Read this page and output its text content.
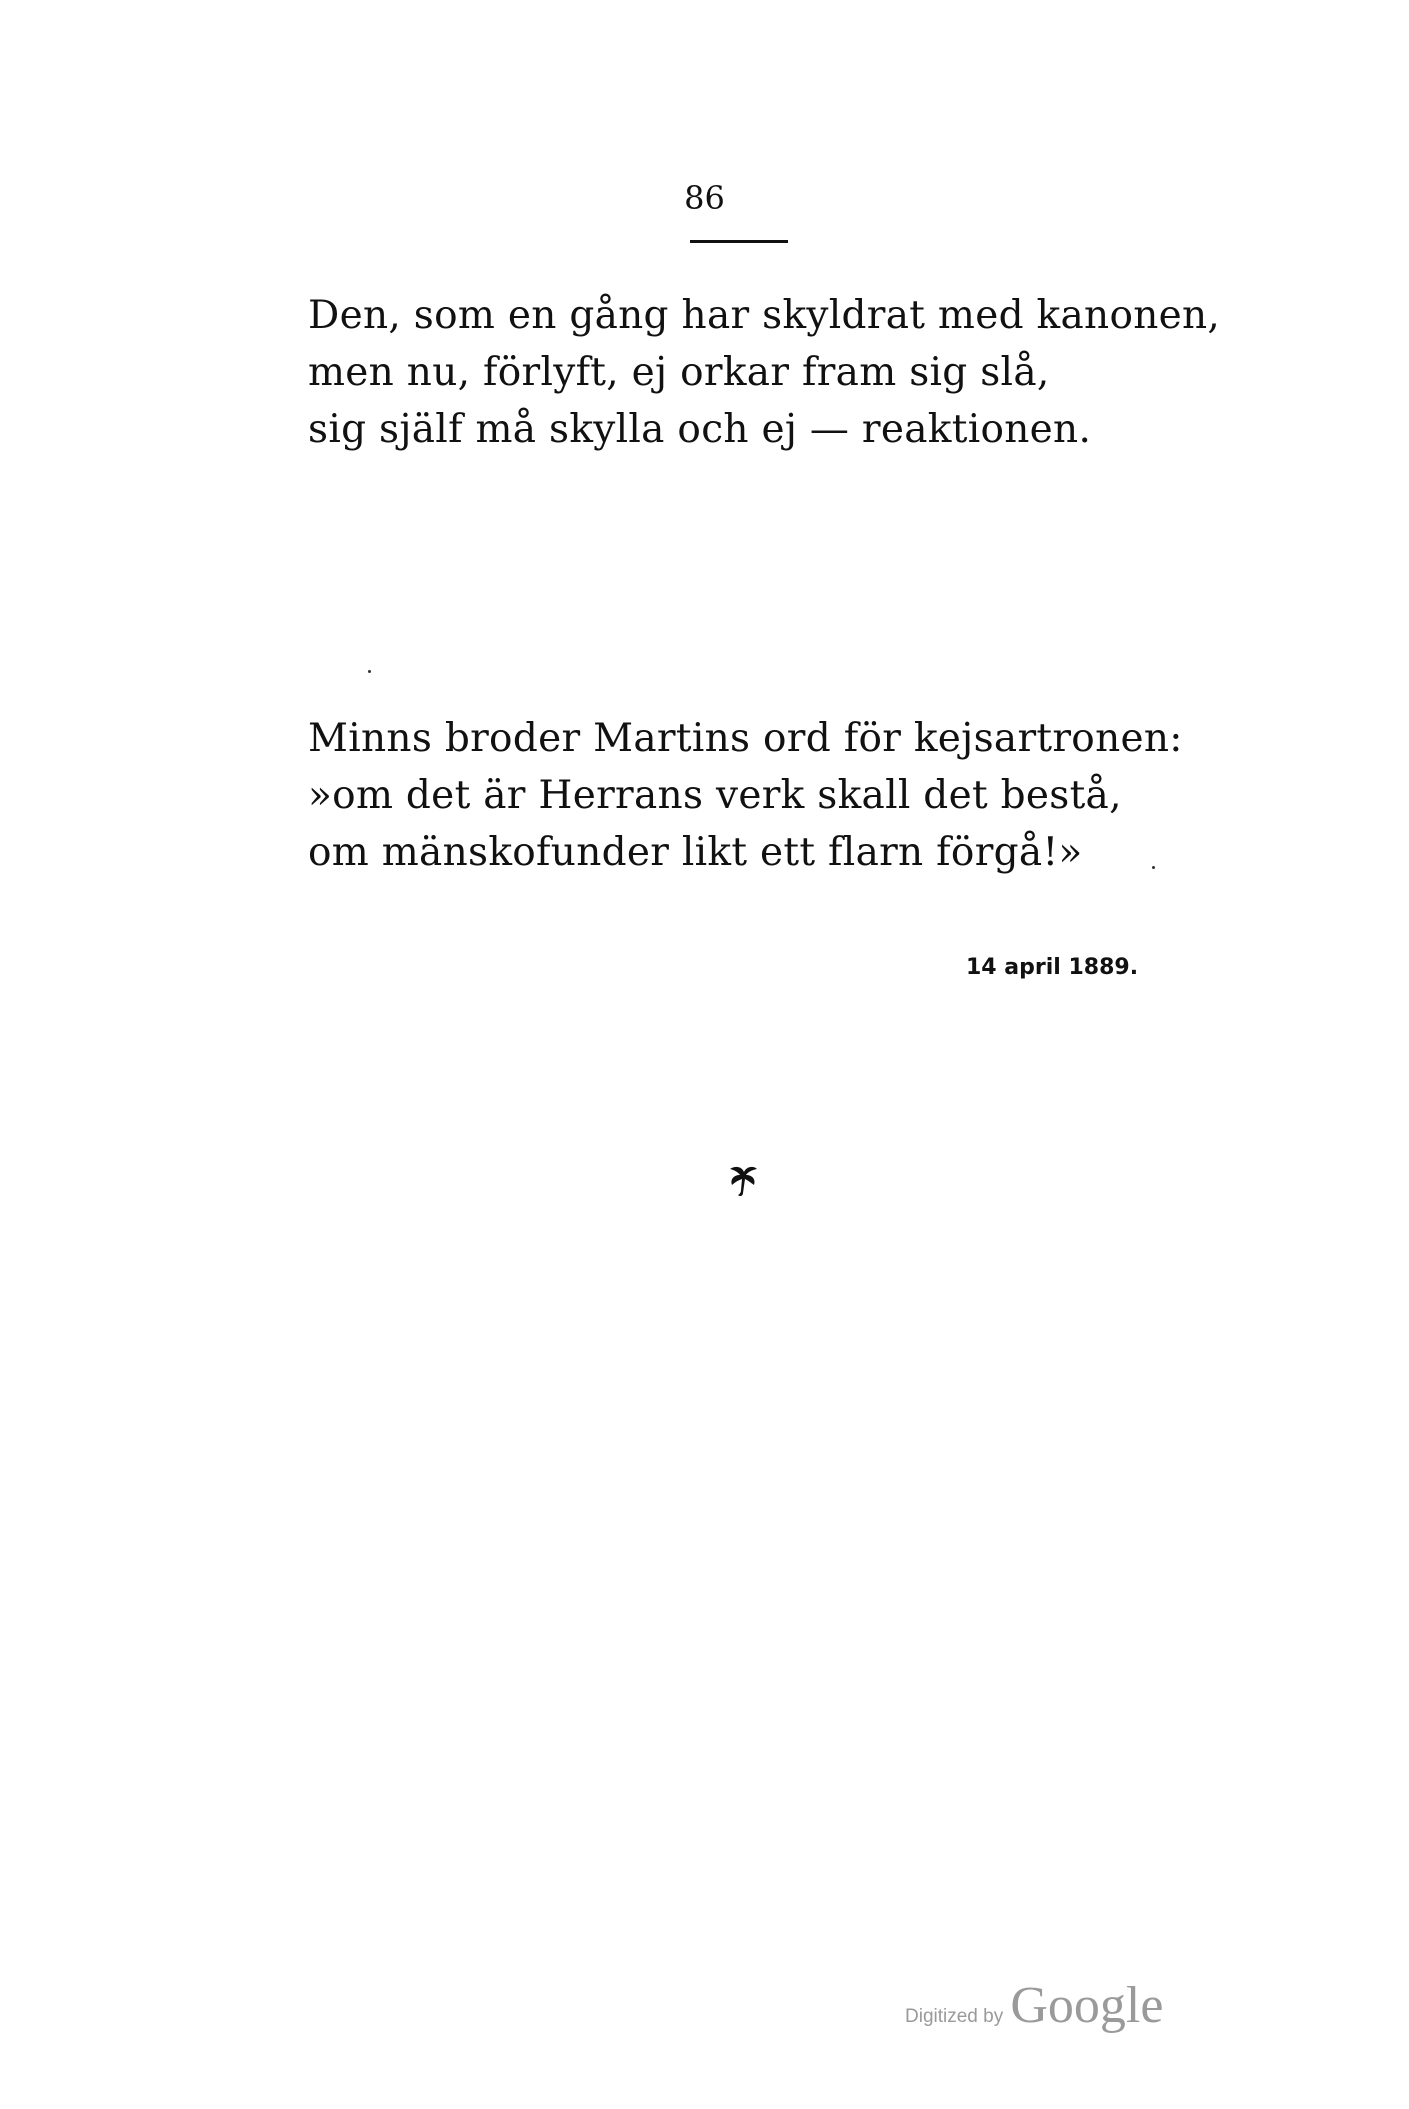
86
Den, som en gång har skyldrat med kanonen,
men nu, förlyft, ej orkar fram sig slå,
sig själf må skylla och ej — reaktionen.
Minns broder Martins ord för kejsartronen:
»om det är Herrans verk skall det bestå,
om mänskofunder likt ett flarn förgå!»
14 april 1889.
Digitized by Google
